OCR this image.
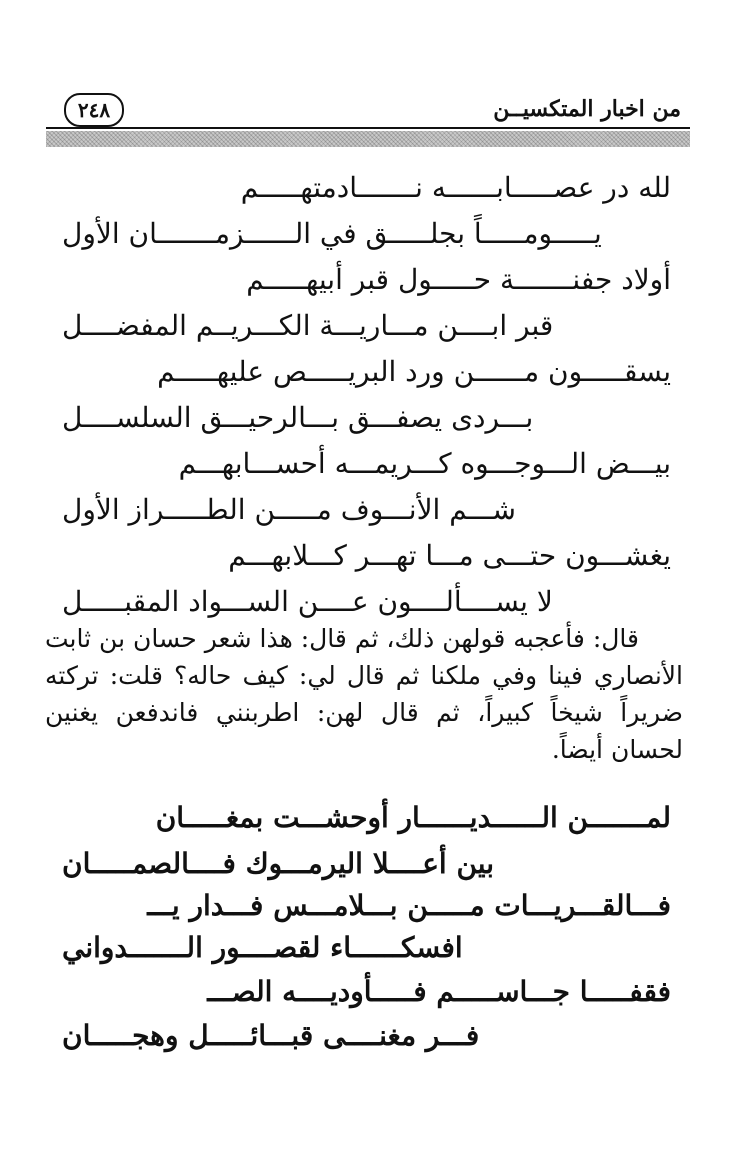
من اخبار المتكسيــن
٢٤٨
لله در عصـــــابــــــه نـــــــادمتهـــــم
يـــــومـــــاً بجلـــــق في الــــــزمـــــــان الأول
أولاد جفنـــــــة حـــــول قبر أبيهـــــم
قبر ابــــن مـــاريـــة الكـــريــم المفضــــل
يسقـــــون مــــــن ورد البريـــــص عليهـــــم
بـــردى يصفـــق بـــالرحيـــق السلســــل
بيـــض الـــوجـــوه كـــريمـــه أحســـابهـــم
شـــم الأنـــوف مـــــن الطـــــراز الأول
يغشـــون حتـــى مـــا تهـــر كـــلابهـــم
لا يســــألــــون عــــن الســـواد المقبـــــل
قال: فأعجبه قولهن ذلك، ثم قال: هذا شعر حسان بن ثابت الأنصاري فينا وفي ملكنا ثم قال لي: كيف حاله؟ قلت: تركته ضريراً شيخاً كبيراً، ثم قال لهن: اطربنني فاندفعن يغنين لحسان أيضاً.
لمـــــــن الــــــديــــــار أوحشـــت بمغـــــان
بين أعــــلا اليرمـــوك فــــالصمـــــان
فـــالقـــريـــات مـــــن بـــلامـــس فـــدار يـــ
افسكــــــاء لقصــــور الـــــــدواني
فقفـــــا جـــاســـــم فـــــأوديــــه الصـــ
فـــر مغنــــى قبـــائـــــل وهجـــــان
